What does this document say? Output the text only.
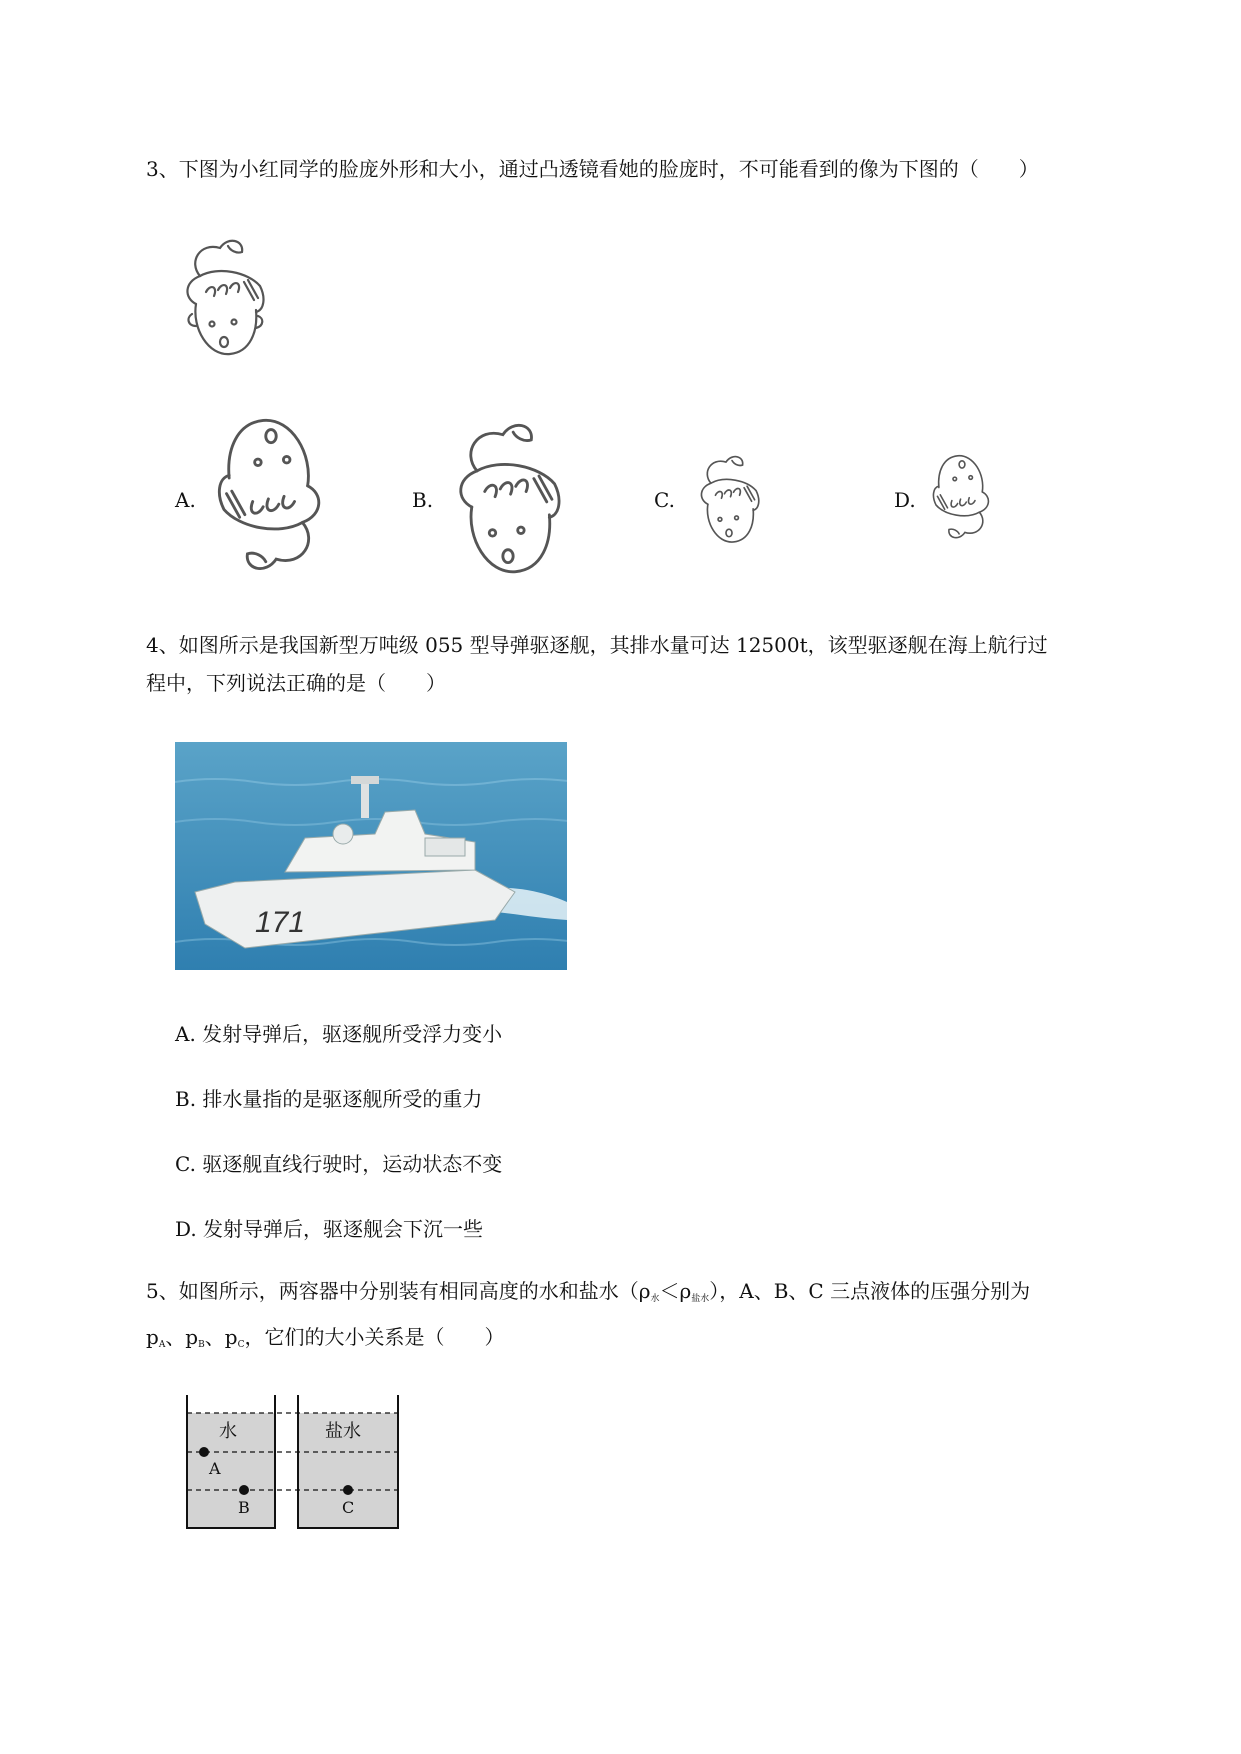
3、下图为小红同学的脸庞外形和大小，通过凸透镜看她的脸庞时，不可能看到的像为下图的（　　）
A.	B.	C.	D.
4、如图所示是我国新型万吨级 055 型导弹驱逐舰，其排水量可达 12500t，该型驱逐舰在海上航行过
程中，下列说法正确的是（　　）
171
A. 发射导弹后，驱逐舰所受浮力变小
B. 排水量指的是驱逐舰所受的重力
C. 驱逐舰直线行驶时，运动状态不变
D. 发射导弹后，驱逐舰会下沉一些
5、如图所示，两容器中分别装有相同高度的水和盐水$(\rho_水<\rho_{盐水})$，A、B、C 三点液体的压强分别为
$p_A$、$p_B$、$p_C$，它们的大小关系是（　　）
水	盐水
A
B	C
